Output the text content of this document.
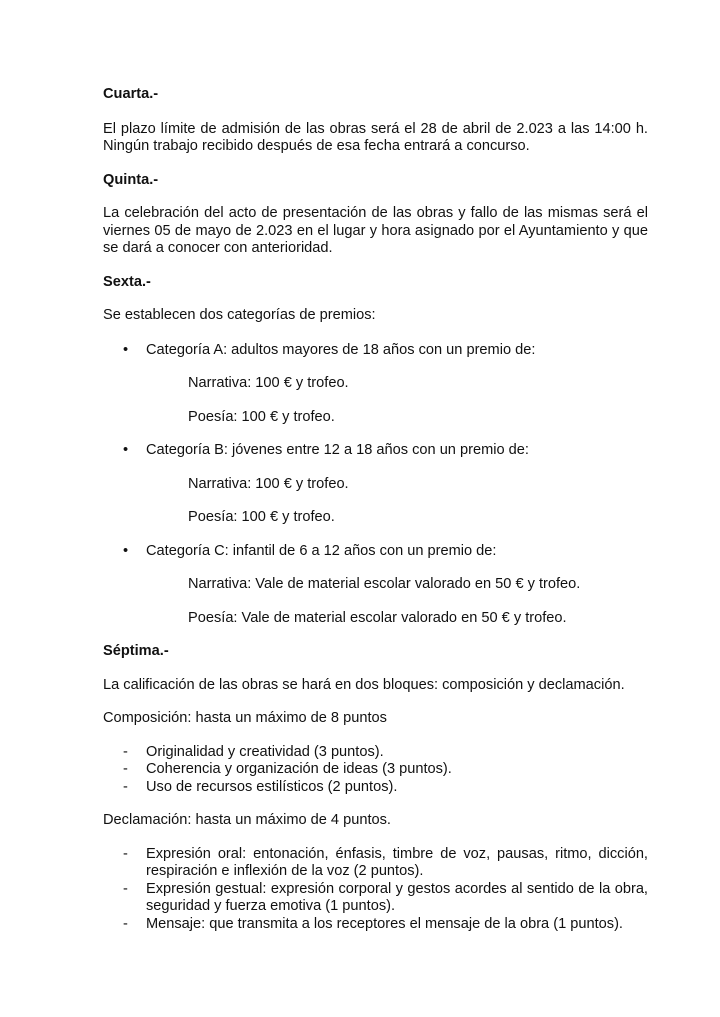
Cuarta.-

El plazo límite de admisión de las obras será el 28 de abril de 2.023 a las 14:00 h. Ningún trabajo recibido después de esa fecha entrará a concurso.

Quinta.-

La celebración del acto de presentación de las obras y fallo de las mismas será el viernes 05 de mayo de 2.023 en el lugar y hora asignado por el Ayuntamiento y que se dará a conocer con anterioridad.

Sexta.-

Se establecen dos categorías de premios:

• Categoría A: adultos mayores de 18 años con un premio de:

Narrativa: 100 € y trofeo.

Poesía: 100 € y trofeo.

• Categoría B: jóvenes entre 12 a 18 años con un premio de:

Narrativa: 100 € y trofeo.

Poesía: 100 € y trofeo.

• Categoría C: infantil de 6 a 12 años con un premio de:

Narrativa: Vale de material escolar valorado en 50 € y trofeo.

Poesía: Vale de material escolar valorado en 50 € y trofeo.

Séptima.-

La calificación de las obras se hará en dos bloques: composición y declamación.

Composición: hasta un máximo de 8 puntos

- Originalidad y creatividad (3 puntos).
- Coherencia y organización de ideas (3 puntos).
- Uso de recursos estilísticos (2 puntos).

Declamación: hasta un máximo de 4 puntos.

- Expresión oral: entonación, énfasis, timbre de voz, pausas, ritmo, dicción, respiración e inflexión de la voz (2 puntos).
- Expresión gestual: expresión corporal y gestos acordes al sentido de la obra, seguridad y fuerza emotiva (1 puntos).
- Mensaje: que transmita a los receptores el mensaje de la obra (1 puntos).
